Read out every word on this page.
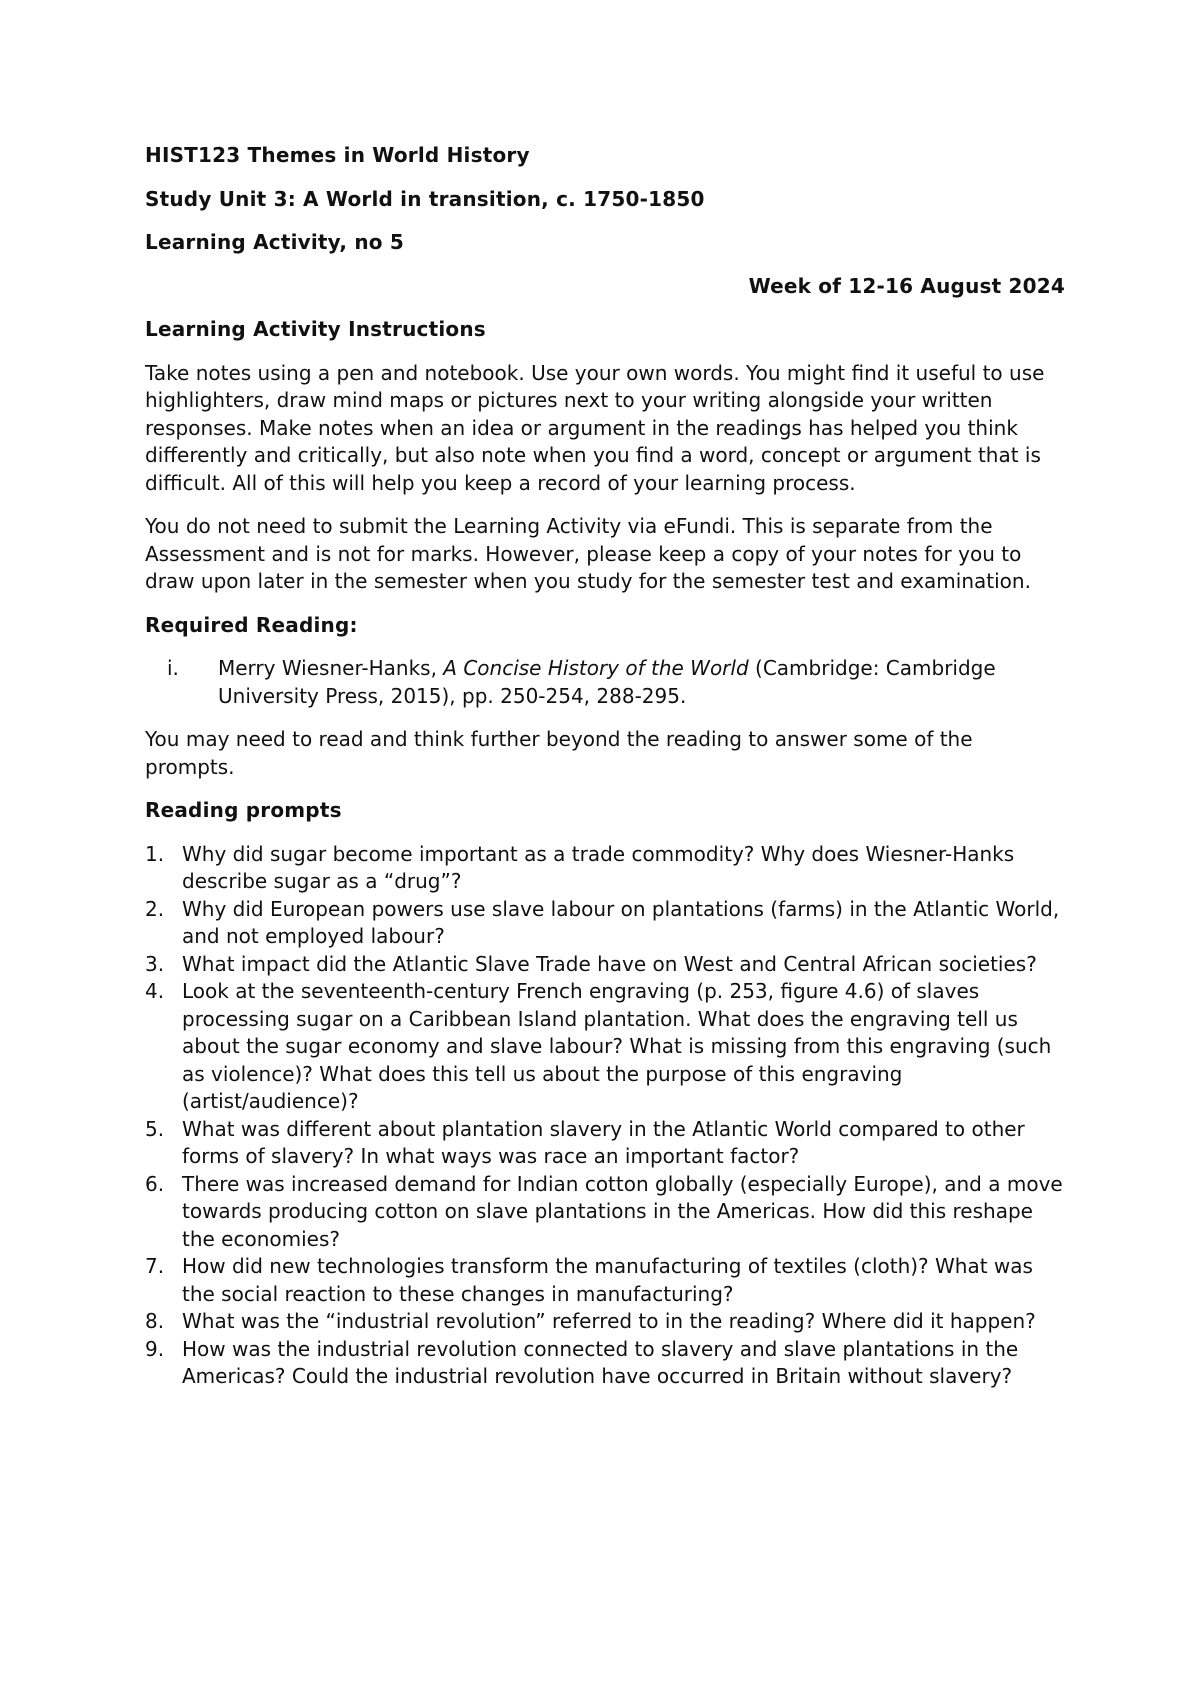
HIST123 Themes in World History

Study Unit 3: A World in transition, c. 1750-1850

Learning Activity, no 5

Week of 12-16 August 2024

Learning Activity Instructions

Take notes using a pen and notebook. Use your own words. You might find it useful to use highlighters, draw mind maps or pictures next to your writing alongside your written responses. Make notes when an idea or argument in the readings has helped you think differently and critically, but also note when you find a word, concept or argument that is difficult. All of this will help you keep a record of your learning process.

You do not need to submit the Learning Activity via eFundi. This is separate from the Assessment and is not for marks. However, please keep a copy of your notes for you to draw upon later in the semester when you study for the semester test and examination.

Required Reading:

i.	Merry Wiesner-Hanks, A Concise History of the World (Cambridge: Cambridge University Press, 2015), pp. 250-254, 288-295.

You may need to read and think further beyond the reading to answer some of the prompts.

Reading prompts

1. Why did sugar become important as a trade commodity? Why does Wiesner-Hanks describe sugar as a “drug”?
2. Why did European powers use slave labour on plantations (farms) in the Atlantic World, and not employed labour?
3. What impact did the Atlantic Slave Trade have on West and Central African societies?
4. Look at the seventeenth-century French engraving (p. 253, figure 4.6) of slaves processing sugar on a Caribbean Island plantation. What does the engraving tell us about the sugar economy and slave labour? What is missing from this engraving (such as violence)? What does this tell us about the purpose of this engraving (artist/audience)?
5. What was different about plantation slavery in the Atlantic World compared to other forms of slavery? In what ways was race an important factor?
6. There was increased demand for Indian cotton globally (especially Europe), and a move towards producing cotton on slave plantations in the Americas. How did this reshape the economies?
7. How did new technologies transform the manufacturing of textiles (cloth)? What was the social reaction to these changes in manufacturing?
8. What was the “industrial revolution” referred to in the reading? Where did it happen?
9. How was the industrial revolution connected to slavery and slave plantations in the Americas? Could the industrial revolution have occurred in Britain without slavery?
